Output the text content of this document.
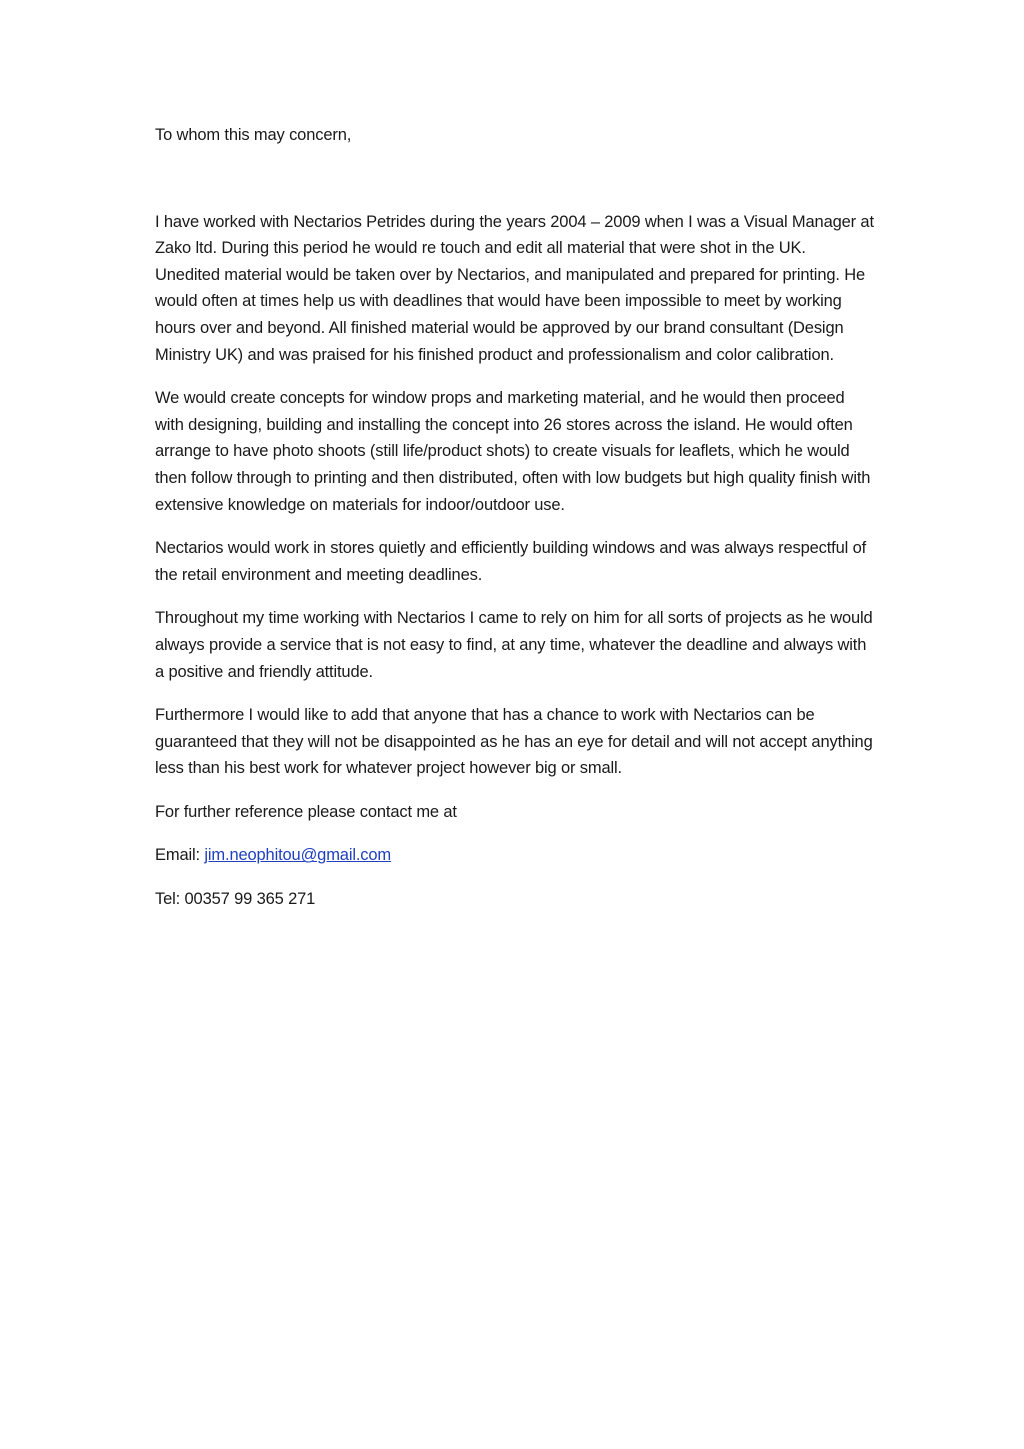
To whom this may concern,

I have worked with Nectarios Petrides during the years 2004 – 2009 when I was a Visual Manager at Zako ltd. During this period he would re touch and edit all material that were shot in the UK. Unedited material would be taken over by Nectarios, and manipulated and prepared for printing. He would often at times help us with deadlines that would have been impossible to meet by working hours over and beyond. All finished material would be approved by our brand consultant (Design Ministry UK) and was praised for his finished product and professionalism and color calibration.

We would create concepts for window props and marketing material, and he would then proceed with designing, building and installing the concept into 26 stores across the island. He would often arrange to have photo shoots (still life/product shots) to create visuals for leaflets, which he would then follow through to printing and then distributed, often with low budgets but high quality finish with extensive knowledge on materials for indoor/outdoor use.

Nectarios would work in stores quietly and efficiently building windows and was always respectful of the retail environment and meeting deadlines.

Throughout my time working with Nectarios I came to rely on him for all sorts of projects as he would always provide a service that is not easy to find, at any time, whatever the deadline and always with a positive and friendly attitude.

Furthermore I would like to add that anyone that has a chance to work with Nectarios can be guaranteed that they will not be disappointed as he has an eye for detail and will not accept anything less than his best work for whatever project however big or small.

For further reference please contact me at

Email: jim.neophitou@gmail.com

Tel: 00357 99 365 271
